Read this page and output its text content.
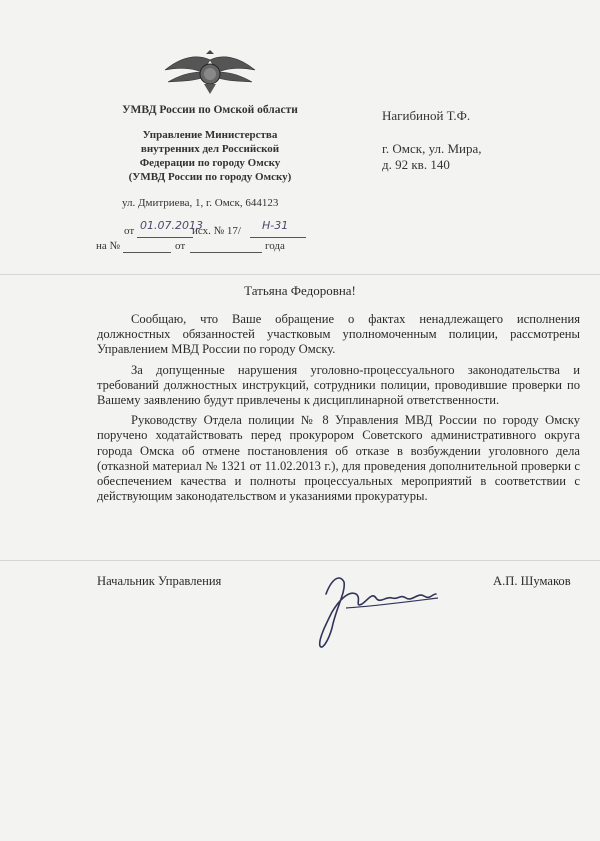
УМВД России по Омской области
Управление Министерства
внутренних дел Российской
Федерации по городу Омску
(УМВД России по городу Омску)
ул. Дмитриева, 1, г. Омск, 644123
от 01.07.2013
исх. № 17/ Н-31
на №	от	года
Нагибиной Т.Ф.
г. Омск, ул. Мира,
д. 92 кв. 140
Татьяна Федоровна!

Сообщаю, что Ваше обращение о фактах ненадлежащего исполнения должностных обязанностей участковым уполномоченным полиции, рассмотрены Управлением МВД России по городу Омску.

За допущенные нарушения уголовно-процессуального законодательства и требований должностных инструкций, сотрудники полиции, проводившие проверки по Вашему заявлению будут привлечены к дисциплинарной ответственности.

Руководству Отдела полиции № 8 Управления МВД России по городу Омску поручено ходатайствовать перед прокурором Советского административного округа города Омска об отмене постановления об отказе в возбуждении уголовного дела (отказной материал № 1321 от 11.02.2013 г.), для проведения дополнительной проверки с обеспечением качества и полноты процессуальных мероприятий в соответствии с действующим законодательством и указаниями прокуратуры.

Начальник Управления	А.П. Шумаков
